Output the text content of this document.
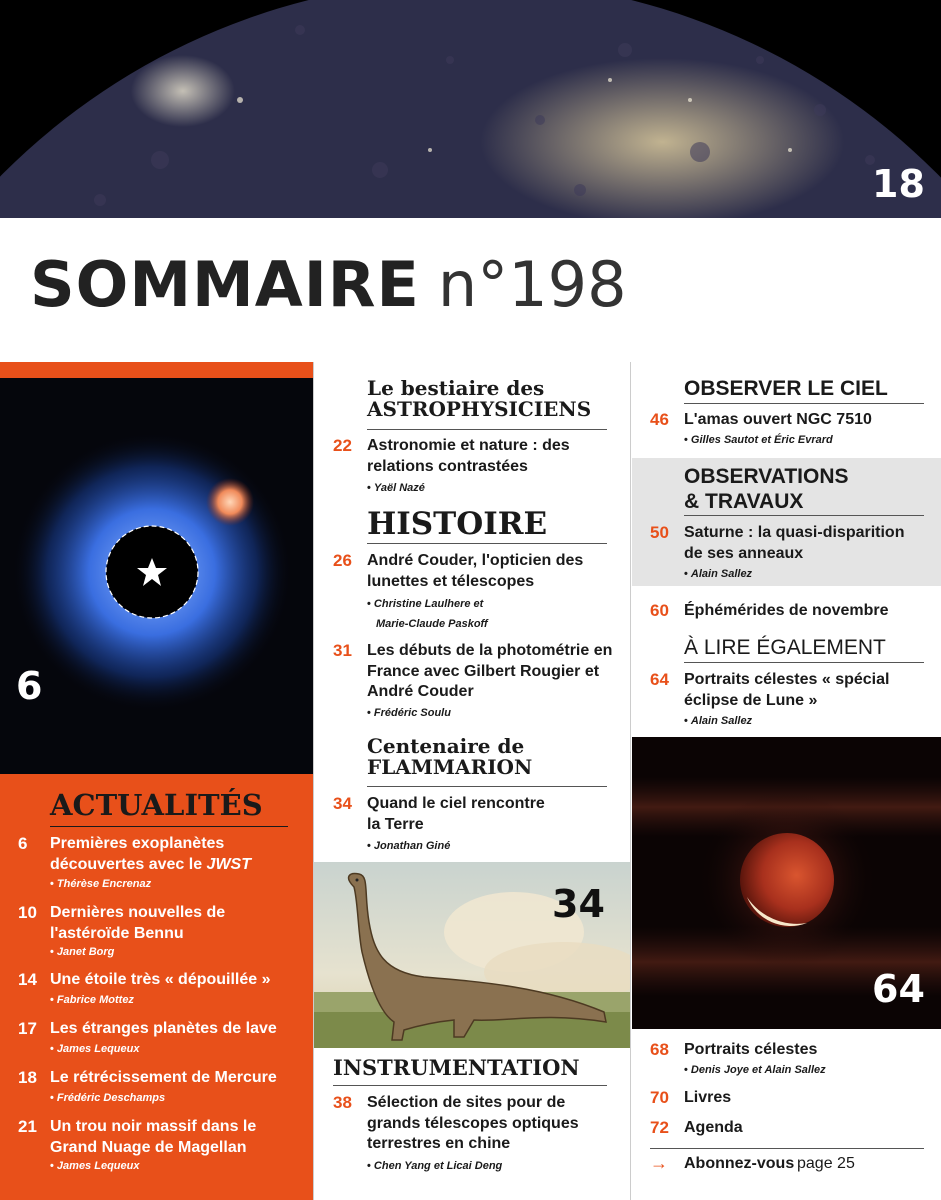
18
SOMMAIRE n°198
6
ACTUALITÉS
6 Premières exoplanètes
découvertes avec le JWST
• Thérèse Encrenaz
10 Dernières nouvelles de l'astéroïde Bennu
• Janet Borg
14 Une étoile très « dépouillée »
• Fabrice Mottez
17 Les étranges planètes de lave
• James Lequeux
18 Le rétrécissement de Mercure
• Frédéric Deschamps
21 Un trou noir massif dans le Grand Nuage de Magellan
• James Lequeux
Le bestiaire des
ASTROPHYSICIENS
22 Astronomie et nature : des relations contrastées
• Yaël Nazé
HISTOIRE
26 André Couder, l'opticien des lunettes et télescopes
• Christine Laulhere et
Marie-Claude Paskoff
31 Les débuts de la photométrie en France avec Gilbert Rougier et André Couder
• Frédéric Soulu
Centenaire de
FLAMMARION
34 Quand le ciel rencontre la Terre
• Jonathan Giné
34
INSTRUMENTATION
38 Sélection de sites pour de grands télescopes optiques terrestres en chine
• Chen Yang et Licai Deng
OBSERVER LE CIEL
46 L'amas ouvert NGC 7510
• Gilles Sautot et Éric Evrard
OBSERVATIONS
& TRAVAUX
50 Saturne : la quasi-disparition de ses anneaux
• Alain Sallez
60 Éphémérides de novembre
À LIRE ÉGALEMENT
64 Portraits célestes « spécial éclipse de Lune »
• Alain Sallez
64
68 Portraits célestes
• Denis Joye et Alain Sallez
70 Livres
72 Agenda
→ Abonnez-vous page 25
